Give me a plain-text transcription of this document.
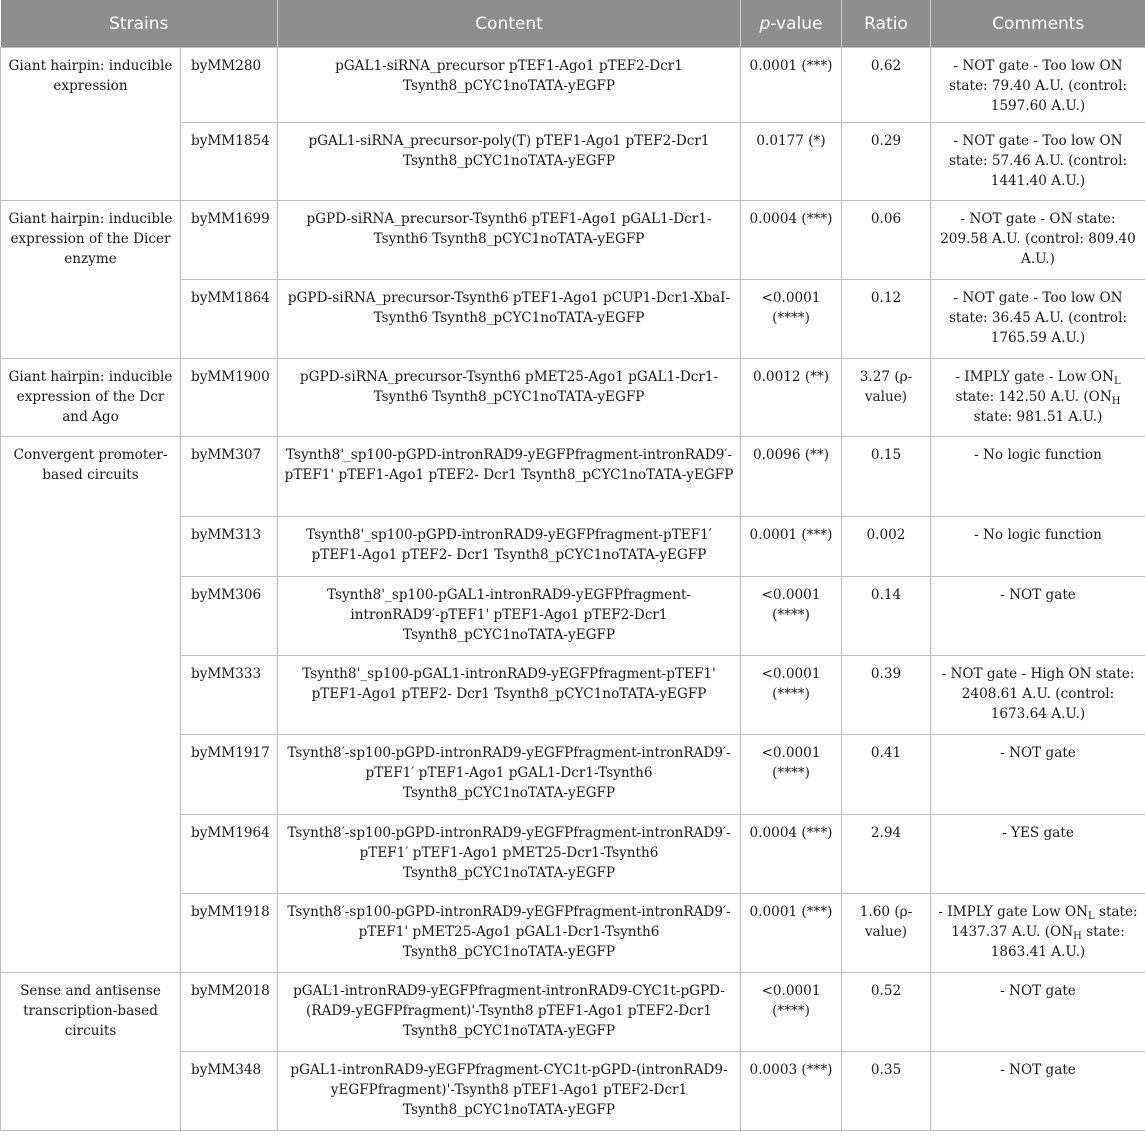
Strains		Content	p-value	Ratio	Comments
Giant hairpin: inducible expression	byMM280	pGAL1-siRNA_precursor pTEF1-Ago1 pTEF2-Dcr1 Tsynth8_pCYC1noTATA-yEGFP	0.0001 (***)	0.62	- NOT gate - Too low ON state: 79.40 A.U. (control: 1597.60 A.U.)
	byMM1854	pGAL1-siRNA_precursor-poly(T) pTEF1-Ago1 pTEF2-Dcr1 Tsynth8_pCYC1noTATA-yEGFP	0.0177 (*)	0.29	- NOT gate - Too low ON state: 57.46 A.U. (control: 1441.40 A.U.)
Giant hairpin: inducible expression of the Dicer enzyme	byMM1699	pGPD-siRNA_precursor-Tsynth6 pTEF1-Ago1 pGAL1-Dcr1-Tsynth6 Tsynth8_pCYC1noTATA-yEGFP	0.0004 (***)	0.06	- NOT gate - ON state: 209.58 A.U. (control: 809.40 A.U.)
	byMM1864	pGPD-siRNA_precursor-Tsynth6 pTEF1-Ago1 pCUP1-Dcr1-XbaI-Tsynth6 Tsynth8_pCYC1noTATA-yEGFP	<0.0001 (****)	0.12	- NOT gate - Too low ON state: 36.45 A.U. (control: 1765.59 A.U.)
Giant hairpin: inducible expression of the Dcr and Ago	byMM1900	pGPD-siRNA_precursor-Tsynth6 pMET25-Ago1 pGAL1-Dcr1-Tsynth6 Tsynth8_pCYC1noTATA-yEGFP	0.0012 (**)	3.27 (ρ-value)	- IMPLY gate - Low $ON_L$ state: 142.50 A.U. ($ON_H$ state: 981.51 A.U.)
Convergent promoter-based circuits	byMM307	Tsynth8'_sp100-pGPD-intronRAD9-yEGFPfragment-intronRAD9′-pTEF1' pTEF1-Ago1 pTEF2- Dcr1 Tsynth8_pCYC1noTATA-yEGFP	0.0096 (**)	0.15	- No logic function
	byMM313	Tsynth8'_sp100-pGPD-intronRAD9-yEGFPfragment-pTEF1′ pTEF1-Ago1 pTEF2- Dcr1 Tsynth8_pCYC1noTATA-yEGFP	0.0001 (***)	0.002	- No logic function
	byMM306	Tsynth8'_sp100-pGAL1-intronRAD9-yEGFPfragment-intronRAD9′-pTEF1' pTEF1-Ago1 pTEF2-Dcr1 Tsynth8_pCYC1noTATA-yEGFP	<0.0001 (****)	0.14	- NOT gate
	byMM333	Tsynth8'_sp100-pGAL1-intronRAD9-yEGFPfragment-pTEF1' pTEF1-Ago1 pTEF2- Dcr1 Tsynth8_pCYC1noTATA-yEGFP	<0.0001 (****)	0.39	- NOT gate - High ON state: 2408.61 A.U. (control: 1673.64 A.U.)
	byMM1917	Tsynth8′-sp100-pGPD-intronRAD9-yEGFPfragment-intronRAD9′-pTEF1′ pTEF1-Ago1 pGAL1-Dcr1-Tsynth6 Tsynth8_pCYC1noTATA-yEGFP	<0.0001 (****)	0.41	- NOT gate
	byMM1964	Tsynth8′-sp100-pGPD-intronRAD9-yEGFPfragment-intronRAD9′-pTEF1′ pTEF1-Ago1 pMET25-Dcr1-Tsynth6 Tsynth8_pCYC1noTATA-yEGFP	0.0004 (***)	2.94	- YES gate
	byMM1918	Tsynth8′-sp100-pGPD-intronRAD9-yEGFPfragment-intronRAD9′-pTEF1' pMET25-Ago1 pGAL1-Dcr1-Tsynth6 Tsynth8_pCYC1noTATA-yEGFP	0.0001 (***)	1.60 (ρ-value)	- IMPLY gate Low $ON_L$ state: 1437.37 A.U. ($ON_H$ state: 1863.41 A.U.)
Sense and antisense transcription-based circuits	byMM2018	pGAL1-intronRAD9-yEGFPfragment-intronRAD9-CYC1t-pGPD-(RAD9-yEGFPfragment)'-Tsynth8 pTEF1-Ago1 pTEF2-Dcr1 Tsynth8_pCYC1noTATA-yEGFP	<0.0001 (****)	0.52	- NOT gate
	byMM348	pGAL1-intronRAD9-yEGFPfragment-CYC1t-pGPD-(intronRAD9-yEGFPfragment)'-Tsynth8 pTEF1-Ago1 pTEF2-Dcr1 Tsynth8_pCYC1noTATA-yEGFP	0.0003 (***)	0.35	- NOT gate
